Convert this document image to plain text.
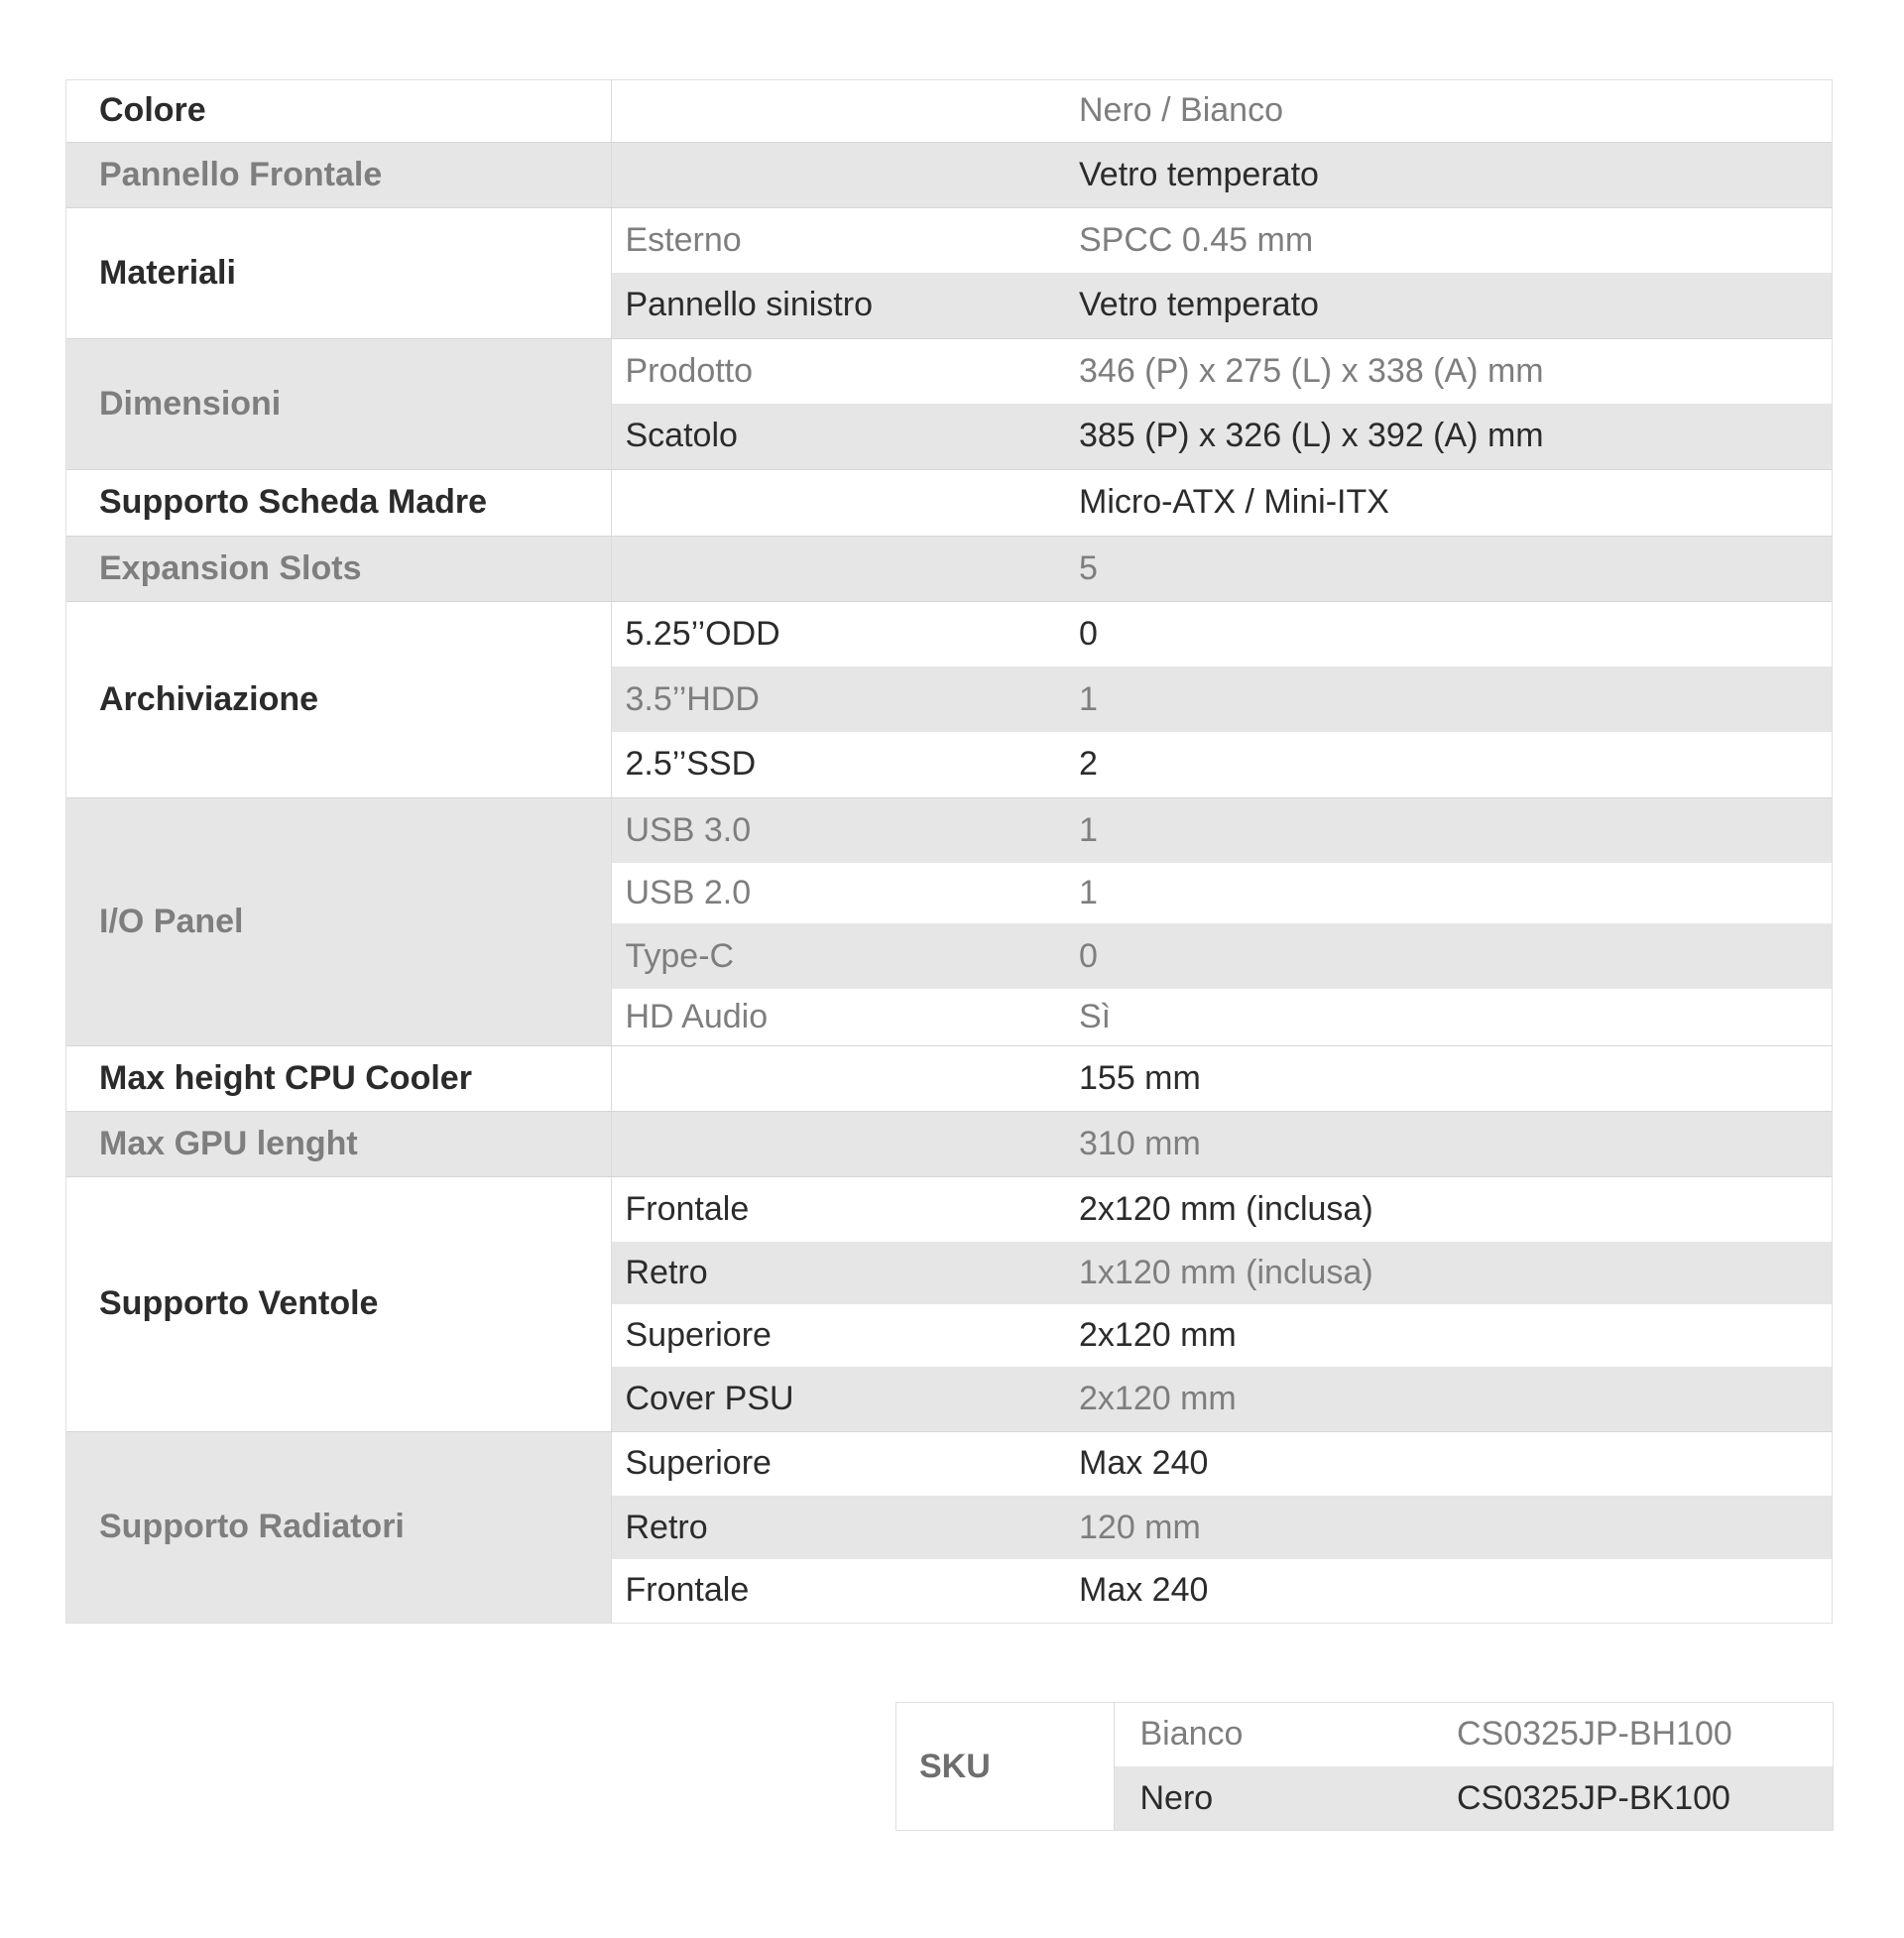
Colore		Nero / Bianco
Pannello Frontale		Vetro temperato
Materiali	Esterno	SPCC 0.45 mm
	Pannello sinistro	Vetro temperato
Dimensioni	Prodotto	346 (P) x 275 (L) x 338 (A) mm
	Scatolo	385 (P) x 326 (L) x 392 (A) mm
Supporto Scheda Madre		Micro-ATX / Mini-ITX
Expansion Slots		5
Archiviazione	5.25’’ODD	0
	3.5’’HDD	1
	2.5’’SSD	2
I/O Panel	USB 3.0	1
	USB 2.0	1
	Type-C	0
	HD Audio	Sì
Max height CPU Cooler		155 mm
Max GPU lenght		310 mm
Supporto Ventole	Frontale	2x120 mm (inclusa)
	Retro	1x120 mm (inclusa)
	Superiore	2x120 mm
	Cover PSU	2x120 mm
Supporto Radiatori	Superiore	Max 240
	Retro	120 mm
	Frontale	Max 240
SKU	Bianco	CS0325JP-BH100
	Nero	CS0325JP-BK100
